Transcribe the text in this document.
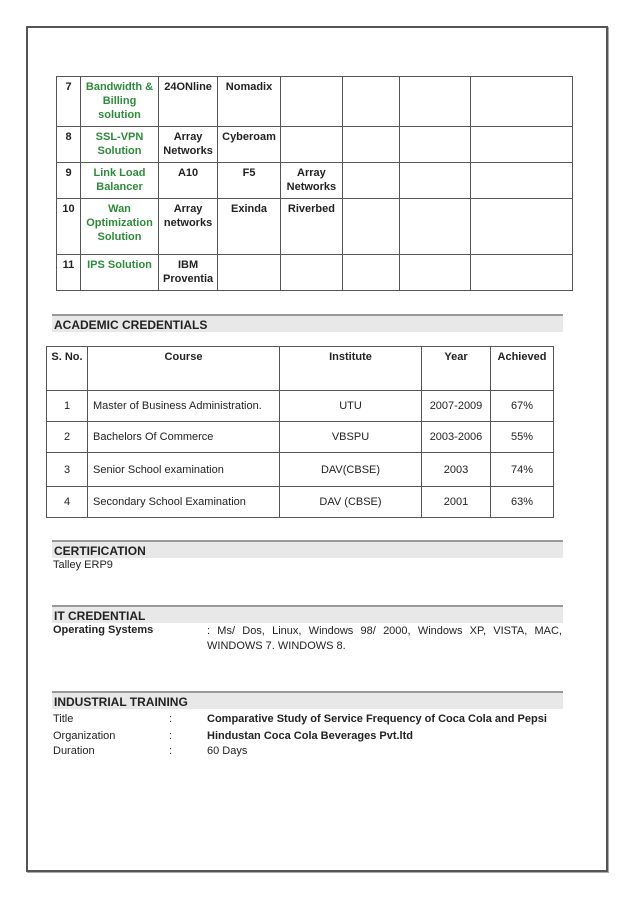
7	Bandwidth & Billing solution	24ONline	Nomadix				
8	SSL-VPN Solution	Array Networks	Cyberoam				
9	Link Load Balancer	A10	F5	Array Networks			
10	Wan Optimization Solution	Array networks	Exinda	Riverbed			
11	IPS Solution	IBM Proventia					
ACADEMIC CREDENTIALS
S. No.	Course	Institute	Year	Achieved
1	Master of Business Administration.	UTU	2007-2009	67%
2	Bachelors Of Commerce	VBSPU	2003-2006	55%
3	Senior School examination	DAV(CBSE)	2003	74%
4	Secondary School Examination	DAV (CBSE)	2001	63%
CERTIFICATION
Talley ERP9
IT CREDENTIAL
Operating Systems	: Ms/ Dos, Linux, Windows 98/ 2000, Windows XP, VISTA, MAC, WINDOWS 7. WINDOWS 8.
INDUSTRIAL TRAINING
Title	:	Comparative Study of Service Frequency of Coca Cola and Pepsi
Organization	:	Hindustan Coca Cola Beverages Pvt.ltd
Duration	:	60 Days
